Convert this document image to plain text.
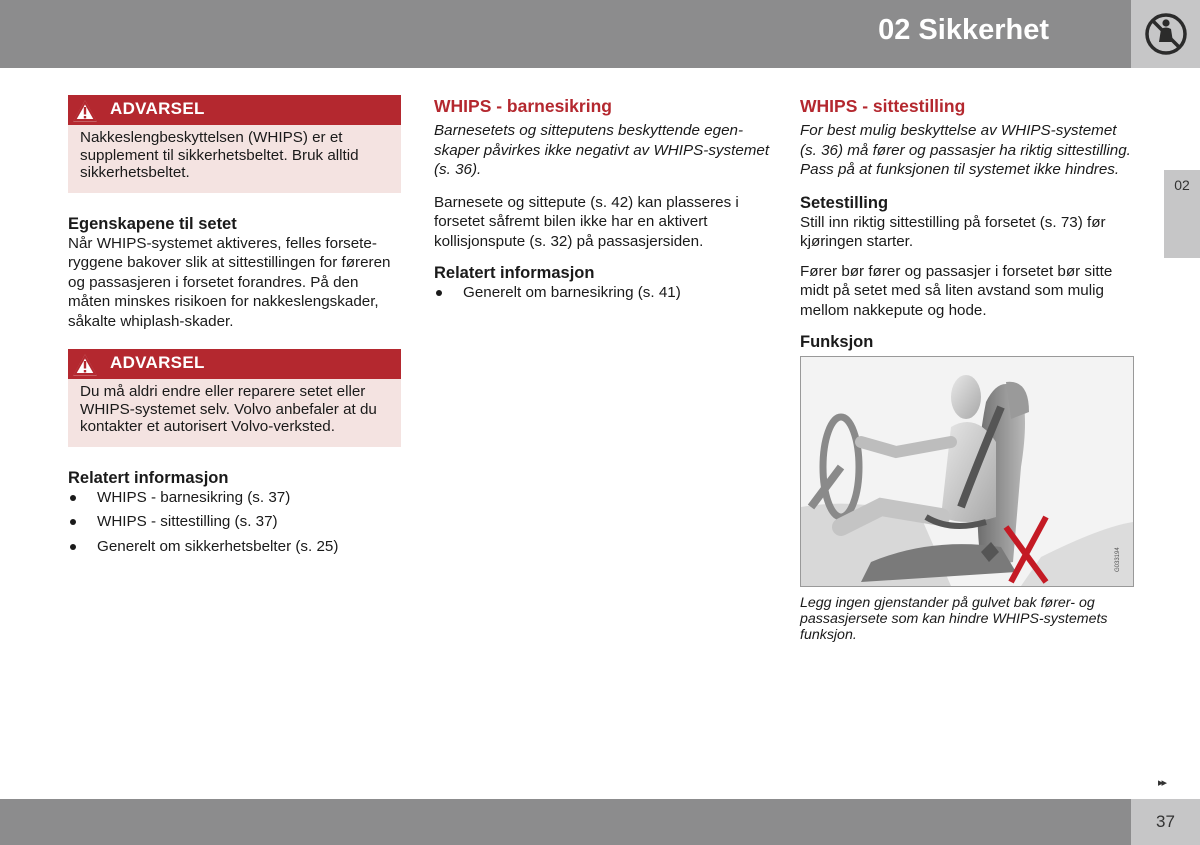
02 Sikkerhet
02
ADVARSEL
Nakkeslengbeskyttelsen (WHIPS) er et supplement til sikkerhetsbeltet. Bruk alltid sikkerhetsbeltet.
Egenskapene til setet

Når WHIPS-systemet aktiveres, felles forseteryggene bakover slik at sittestillingen for føreren og passasjeren i forsetet forandres. På den måten minskes risikoen for nakkeslengskader, såkalte whiplash-skader.

ADVARSEL
Du må aldri endre eller reparere setet eller WHIPS-systemet selv. Volvo anbefaler at du kontakter et autorisert Volvo-verksted.
Relatert informasjon
WHIPS - barnesikring (s. 37)
WHIPS - sittestilling (s. 37)
Generelt om sikkerhetsbelter (s. 25)
WHIPS - barnesikring

Barnesetets og sitteputens beskyttende egenskaper påvirkes ikke negativt av WHIPS-systemet (s. 36).

Barnesete og sittepute (s. 42) kan plasseres i forsetet såfremt bilen ikke har en aktivert kollisjonspute (s. 32) på passasjersiden.

Relatert informasjon
Generelt om barnesikring (s. 41)
WHIPS - sittestilling

For best mulig beskyttelse av WHIPS-systemet (s. 36) må fører og passasjer ha riktig sittestilling. Pass på at funksjonen til systemet ikke hindres.

Setestilling

Still inn riktig sittestilling på forsetet (s. 73) før kjøringen starter.

Fører bør fører og passasjer i forsetet bør sitte midt på setet med så liten avstand som mulig mellom nakkepute og hode.

Funksjon
G033194
Legg ingen gjenstander på gulvet bak fører- og passasjersete som kan hindre WHIPS-systemets funksjon.
▸▸
37
